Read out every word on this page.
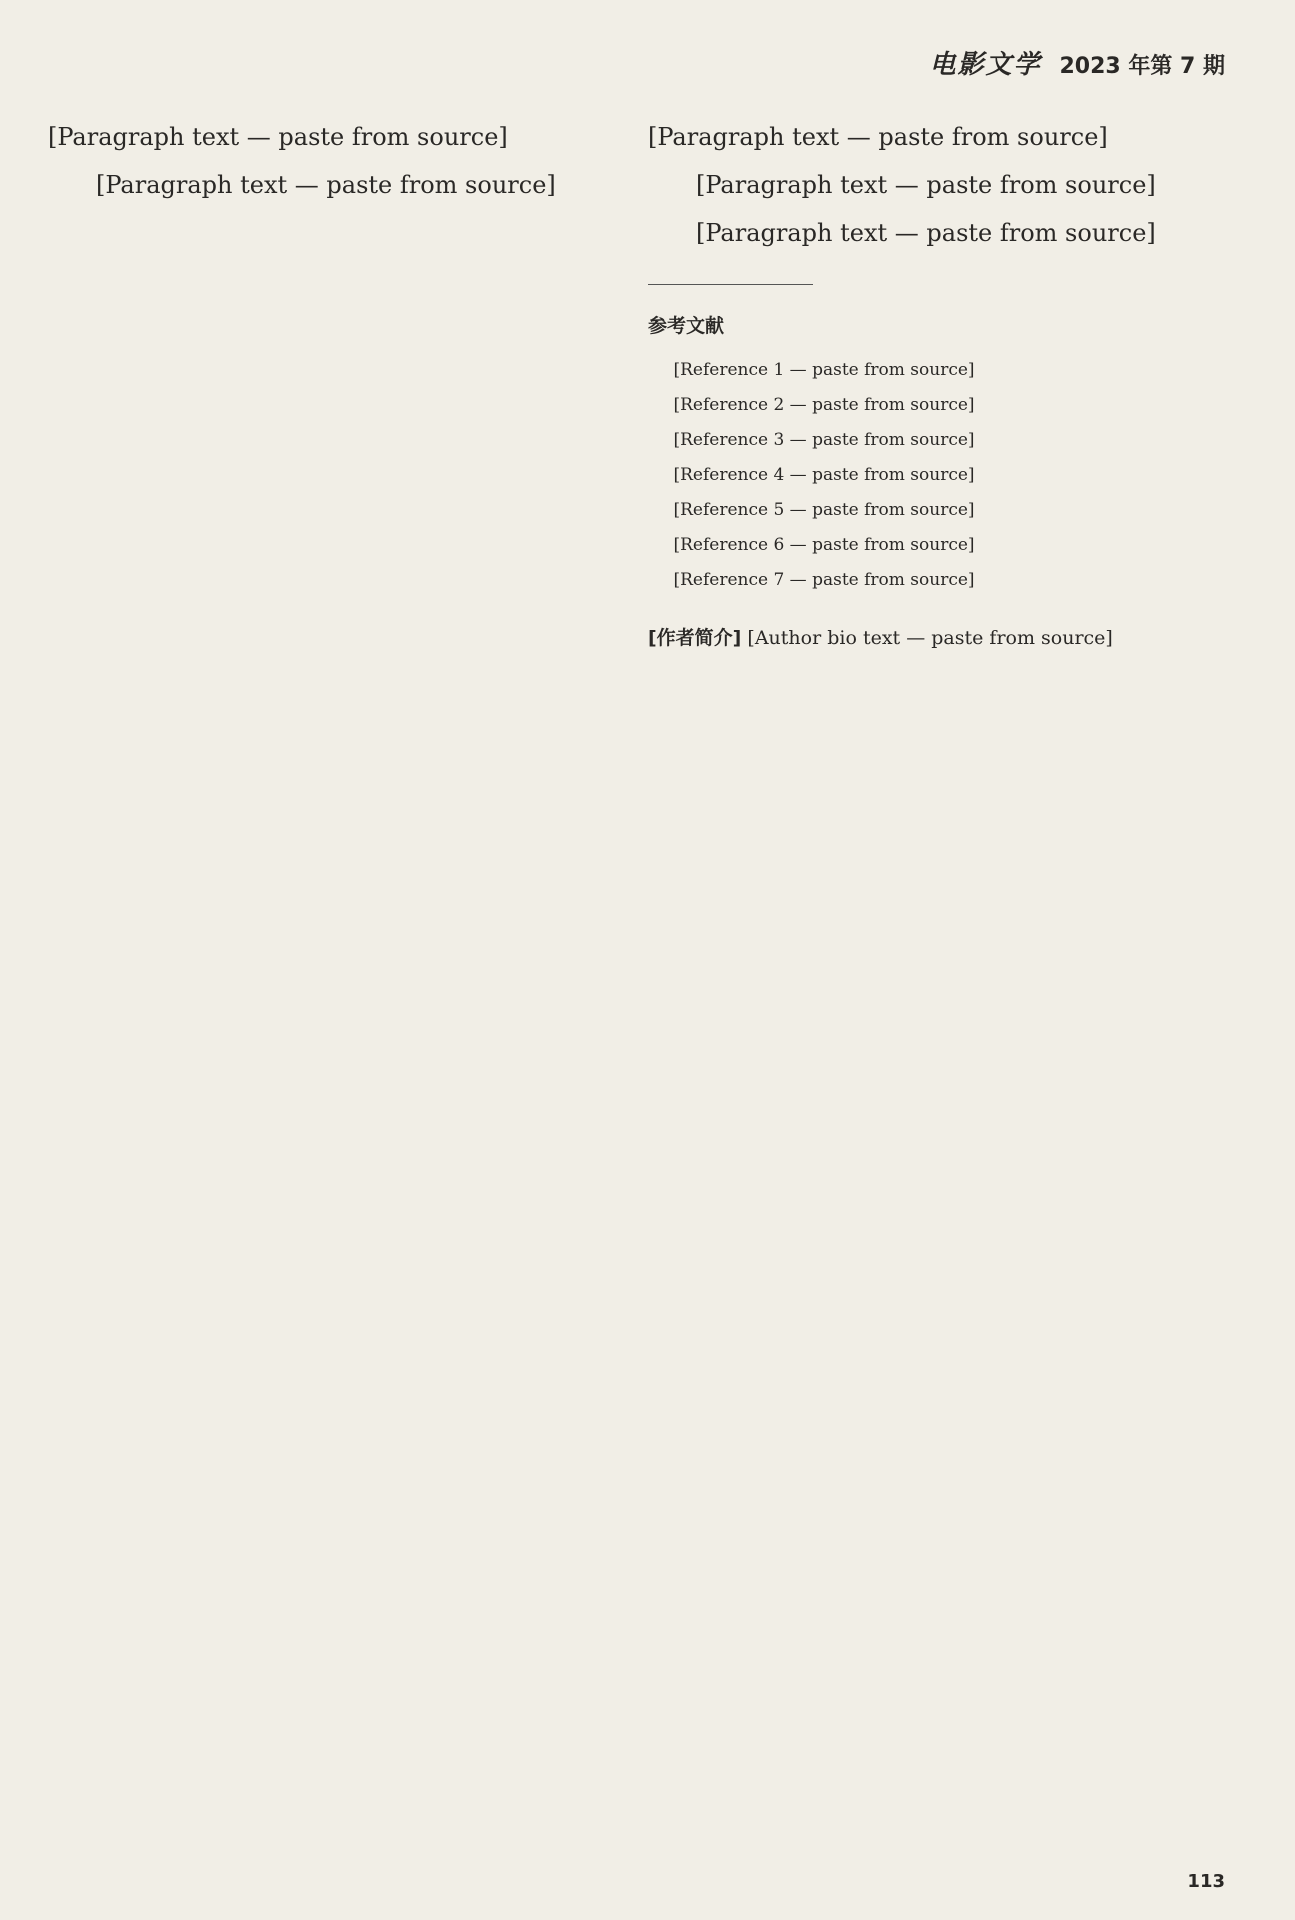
电影文学 2023 年第 7 期

[Paragraph text — paste from source]

[Paragraph text — paste from source]

[Paragraph text — paste from source]

[Paragraph text — paste from source]

[Paragraph text — paste from source]

参考文献
[Reference 1 — paste from source]
[Reference 2 — paste from source]
[Reference 3 — paste from source]
[Reference 4 — paste from source]
[Reference 5 — paste from source]
[Reference 6 — paste from source]
[Reference 7 — paste from source]
[作者简介] [Author bio text — paste from source]
113
